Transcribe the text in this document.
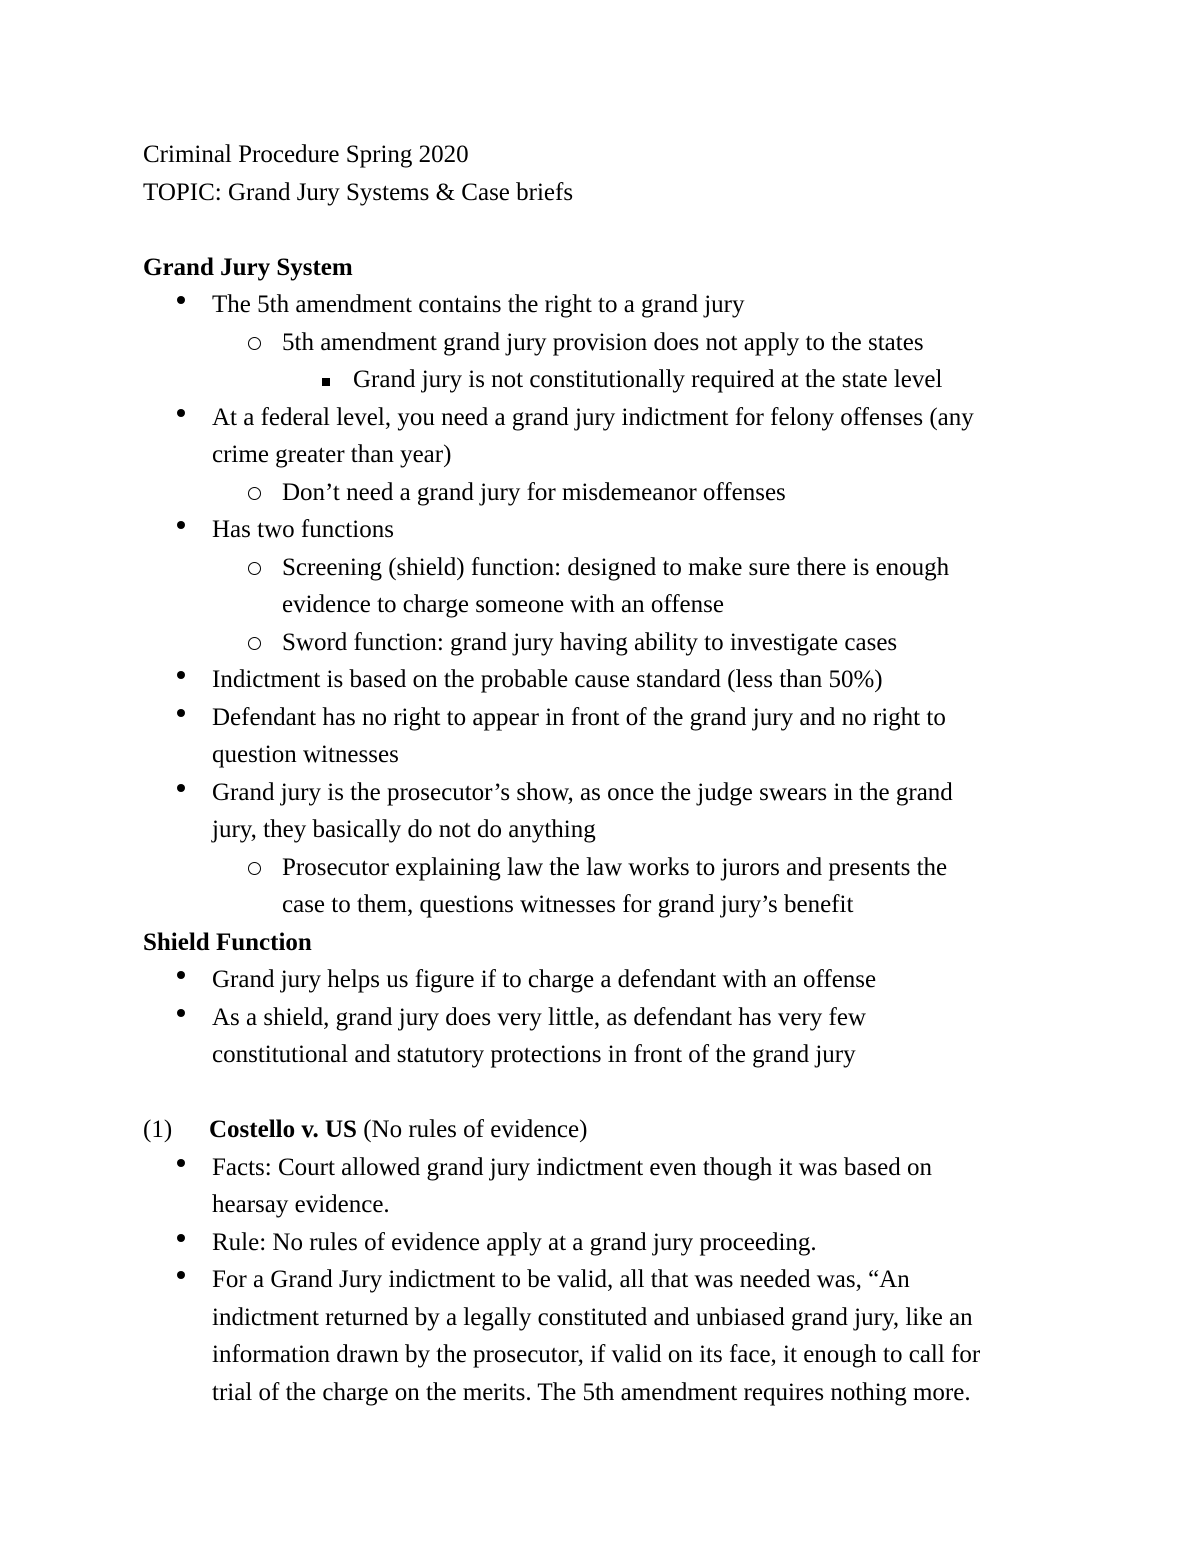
Criminal Procedure Spring 2020
TOPIC: Grand Jury Systems & Case briefs
Grand Jury System
The 5th amendment contains the right to a grand jury
5th amendment grand jury provision does not apply to the states
Grand jury is not constitutionally required at the state level
At a federal level, you need a grand jury indictment for felony offenses (any
crime greater than year)
Don’t need a grand jury for misdemeanor offenses
Has two functions
Screening (shield) function: designed to make sure there is enough
evidence to charge someone with an offense
Sword function: grand jury having ability to investigate cases
Indictment is based on the probable cause standard (less than 50%)
Defendant has no right to appear in front of the grand jury and no right to
question witnesses
Grand jury is the prosecutor’s show, as once the judge swears in the grand
jury, they basically do not do anything
Prosecutor explaining law the law works to jurors and presents the
case to them, questions witnesses for grand jury’s benefit
Shield Function
Grand jury helps us figure if to charge a defendant with an offense
As a shield, grand jury does very little, as defendant has very few
constitutional and statutory protections in front of the grand jury
(1) Costello v. US (No rules of evidence)
Facts: Court allowed grand jury indictment even though it was based on
hearsay evidence.
Rule: No rules of evidence apply at a grand jury proceeding.
For a Grand Jury indictment to be valid, all that was needed was, “An
indictment returned by a legally constituted and unbiased grand jury, like an
information drawn by the prosecutor, if valid on its face, it enough to call for
trial of the charge on the merits. The 5th amendment requires nothing more.
